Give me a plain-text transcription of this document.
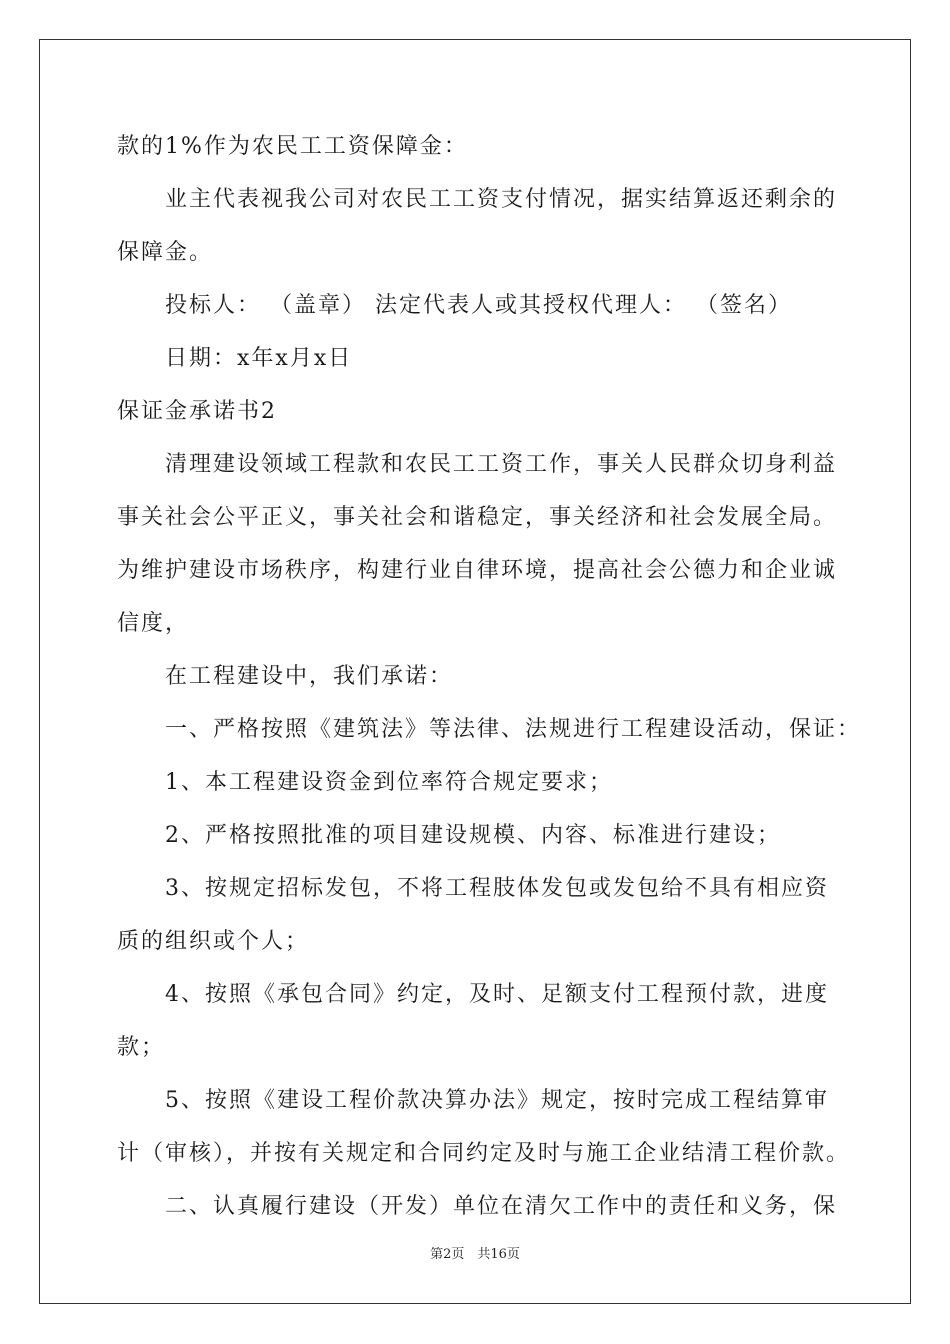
款的1%作为农民工工资保障金：
业主代表视我公司对农民工工资支付情况，据实结算返还剩余的
保障金。
投标人： （盖章） 法定代表人或其授权代理人： （签名）
日期：x年x月x日
保证金承诺书2
清理建设领域工程款和农民工工资工作，事关人民群众切身利益
事关社会公平正义，事关社会和谐稳定，事关经济和社会发展全局。
为维护建设市场秩序，构建行业自律环境，提高社会公德力和企业诚
信度，
在工程建设中，我们承诺：
一、严格按照《建筑法》等法律、法规进行工程建设活动，保证：
1、本工程建设资金到位率符合规定要求；
2、严格按照批准的项目建设规模、内容、标准进行建设；
3、按规定招标发包，不将工程肢体发包或发包给不具有相应资
质的组织或个人；
4、按照《承包合同》约定，及时、足额支付工程预付款，进度
款；
5、按照《建设工程价款决算办法》规定，按时完成工程结算审
计（审核），并按有关规定和合同约定及时与施工企业结清工程价款。
二、认真履行建设（开发）单位在清欠工作中的责任和义务，保
第2页　共16页
